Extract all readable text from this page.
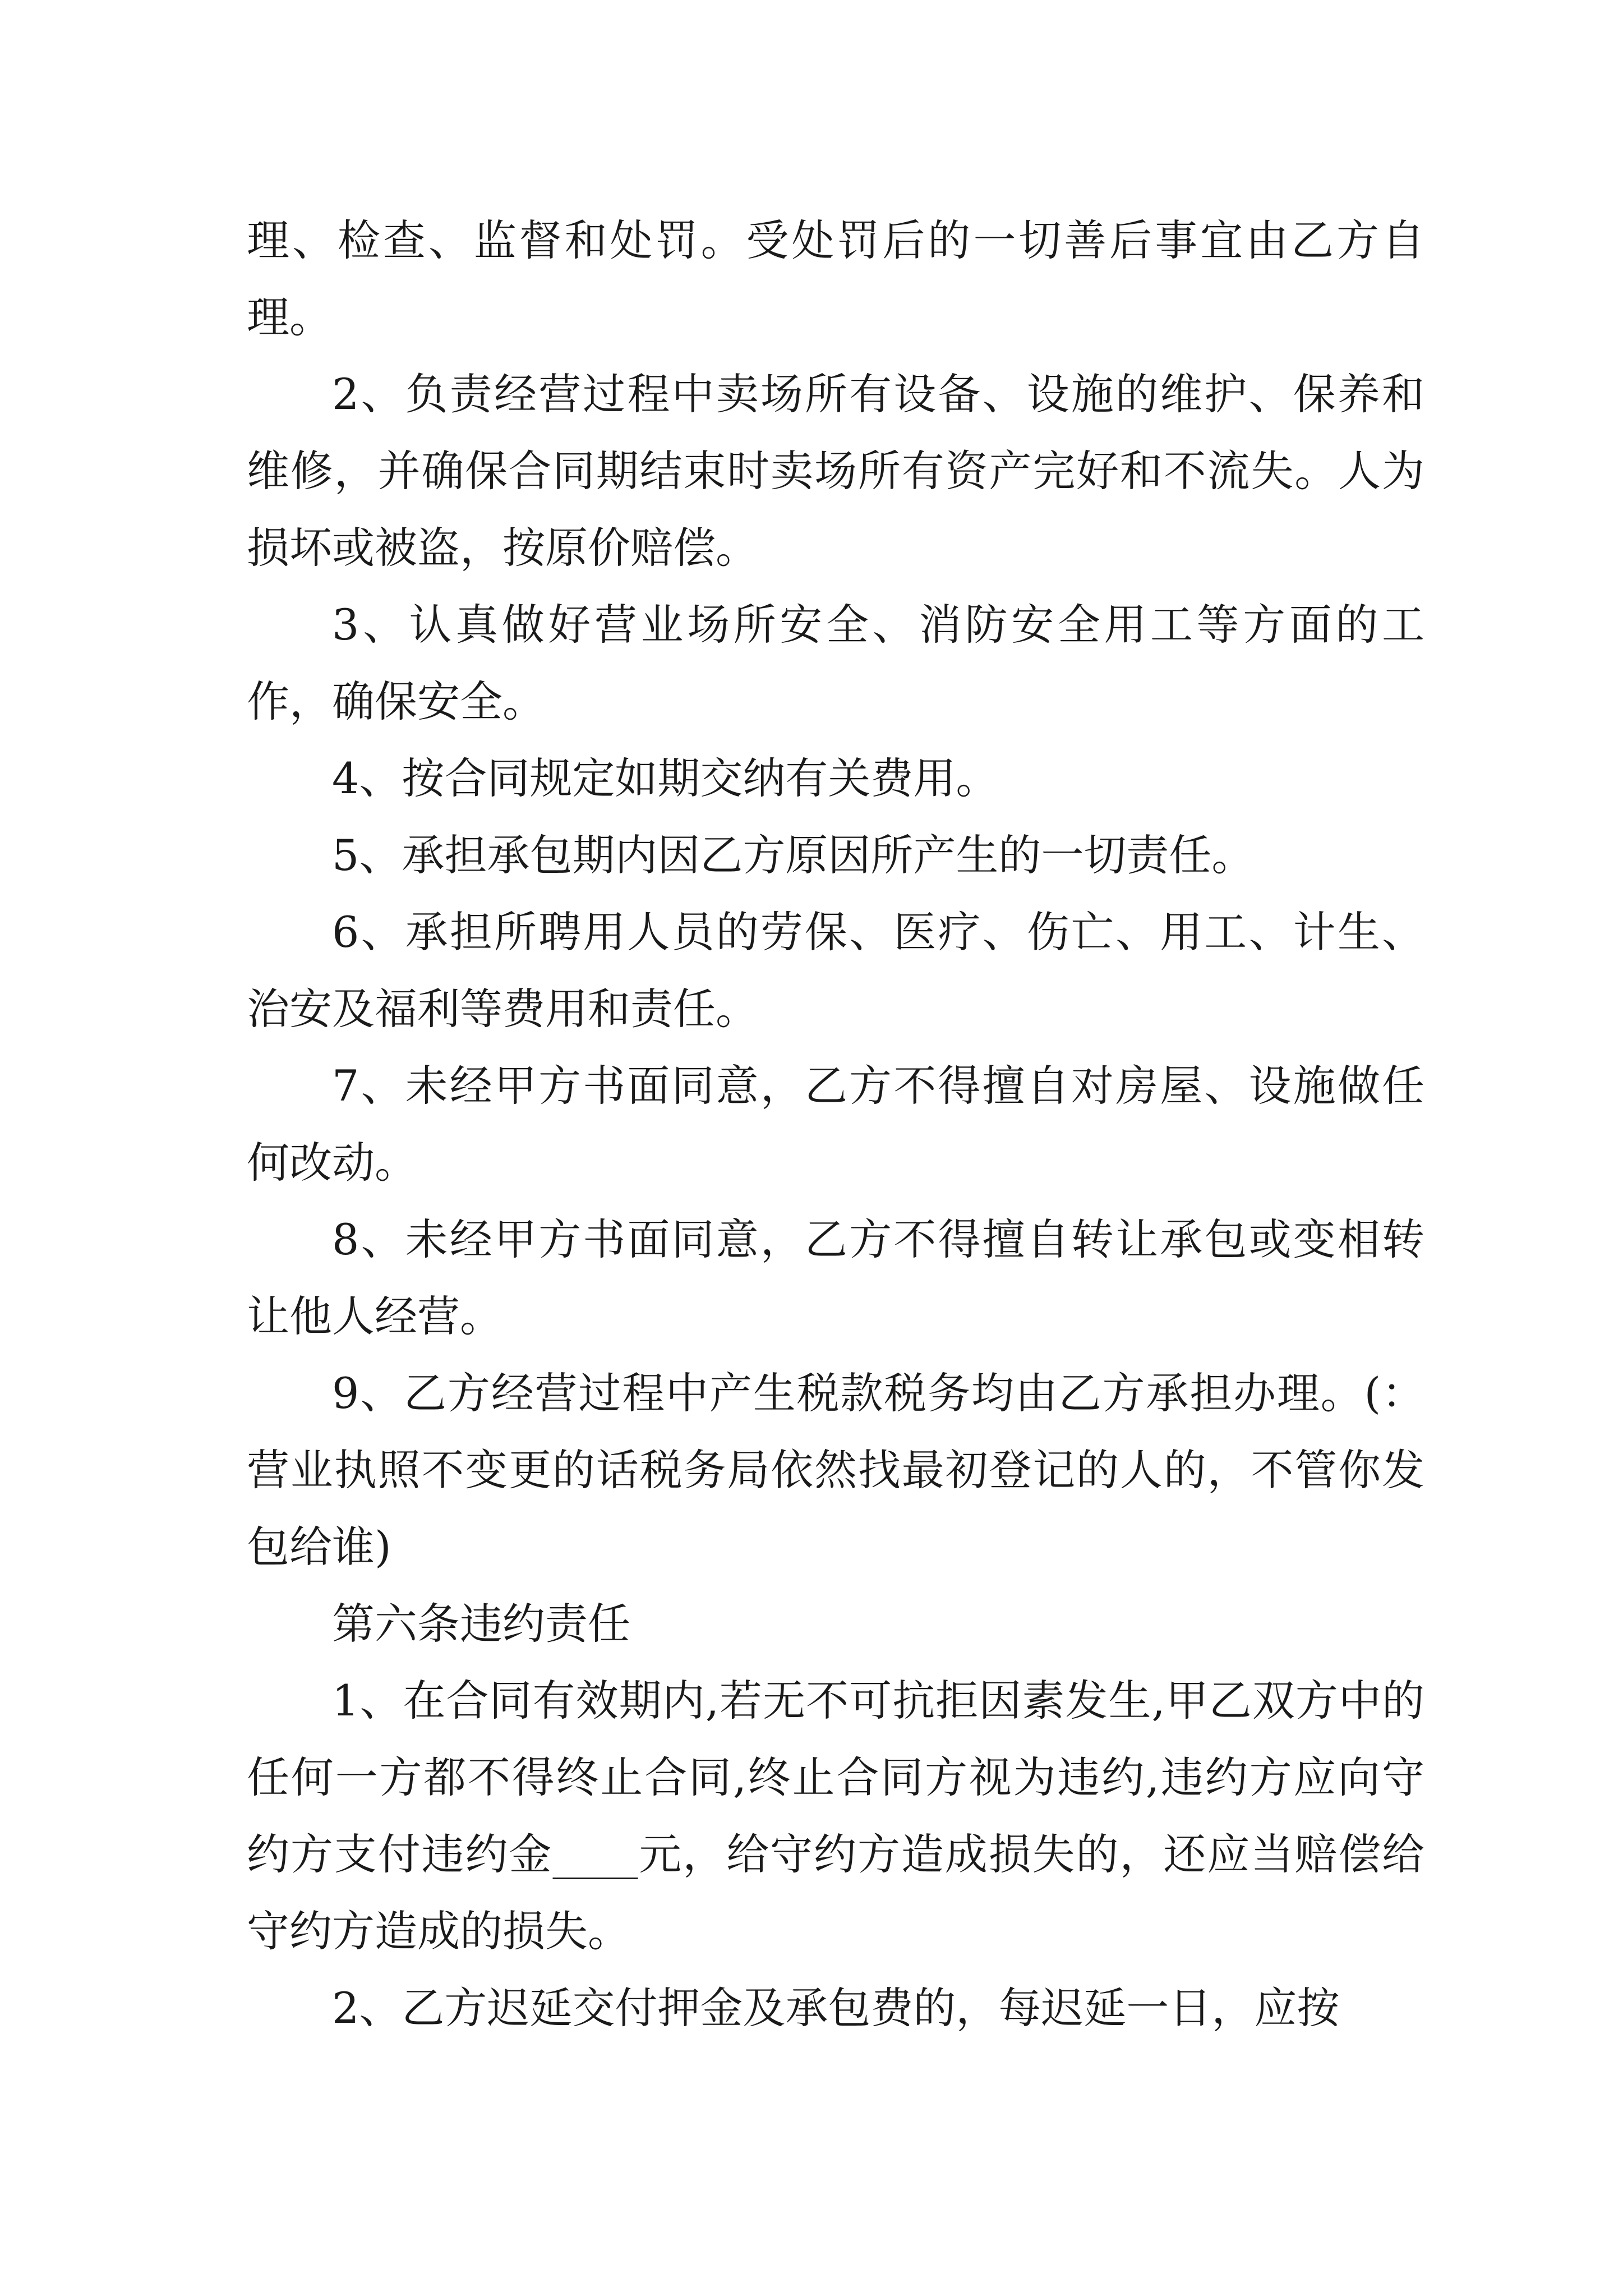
理、检查、监督和处罚。受处罚后的一切善后事宜由乙方自理。

2、负责经营过程中卖场所有设备、设施的维护、保养和维修，并确保合同期结束时卖场所有资产完好和不流失。人为损坏或被盗，按原价赔偿。

3、认真做好营业场所安全、消防安全用工等方面的工作，确保安全。

4、按合同规定如期交纳有关费用。

5、承担承包期内因乙方原因所产生的一切责任。

6、承担所聘用人员的劳保、医疗、伤亡、用工、计生、治安及福利等费用和责任。

7、未经甲方书面同意，乙方不得擅自对房屋、设施做任何改动。

8、未经甲方书面同意，乙方不得擅自转让承包或变相转让他人经营。

9、乙方经营过程中产生税款税务均由乙方承担办理。(：营业执照不变更的话税务局依然找最初登记的人的，不管你发包给谁)

第六条违约责任

1、在合同有效期内,若无不可抗拒因素发生,甲乙双方中的任何一方都不得终止合同,终止合同方视为违约,违约方应向守约方支付违约金____元，给守约方造成损失的，还应当赔偿给守约方造成的损失。

2、乙方迟延交付押金及承包费的，每迟延一日，应按
